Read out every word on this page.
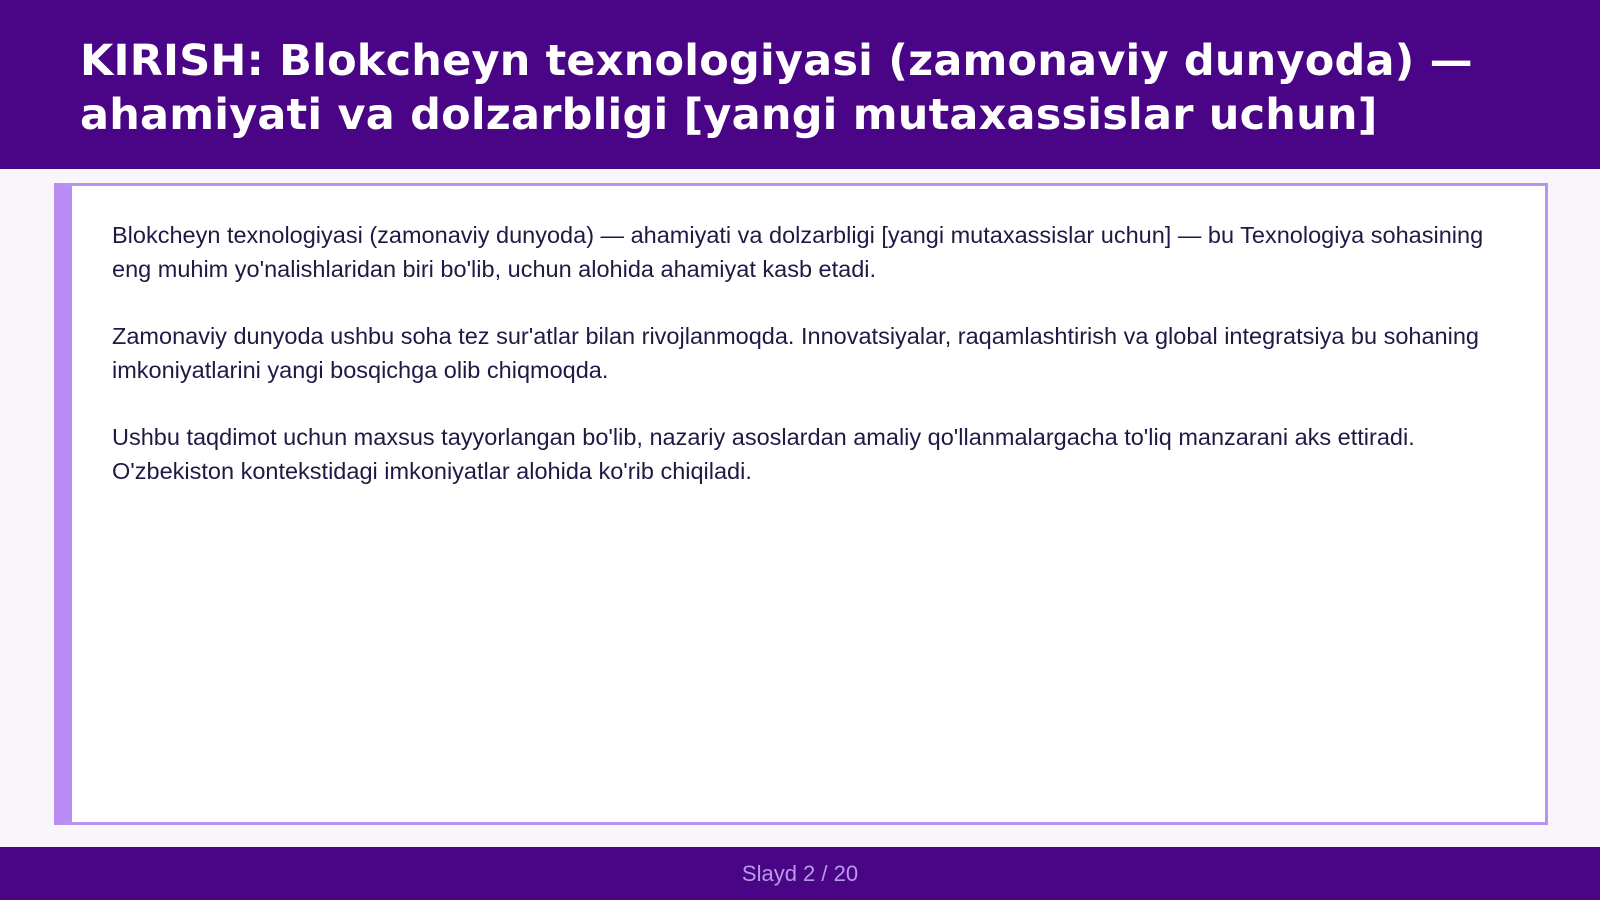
KIRISH: Blokcheyn texnologiyasi (zamonaviy dunyoda) — ahamiyati va dolzarbligi [yangi mutaxassislar uchun]

Blokcheyn texnologiyasi (zamonaviy dunyoda) — ahamiyati va dolzarbligi [yangi mutaxassislar uchun] — bu Texnologiya sohasining eng muhim yo'nalishlaridan biri bo'lib, uchun alohida ahamiyat kasb etadi.

Zamonaviy dunyoda ushbu soha tez sur'atlar bilan rivojlanmoqda. Innovatsiyalar, raqamlashtirish va global integratsiya bu sohaning imkoniyatlarini yangi bosqichga olib chiqmoqda.

Ushbu taqdimot uchun maxsus tayyorlangan bo'lib, nazariy asoslardan amaliy qo'llanmalargacha to'liq manzarani aks ettiradi. O'zbekiston kontekstidagi imkoniyatlar alohida ko'rib chiqiladi.

Slayd 2 / 20
